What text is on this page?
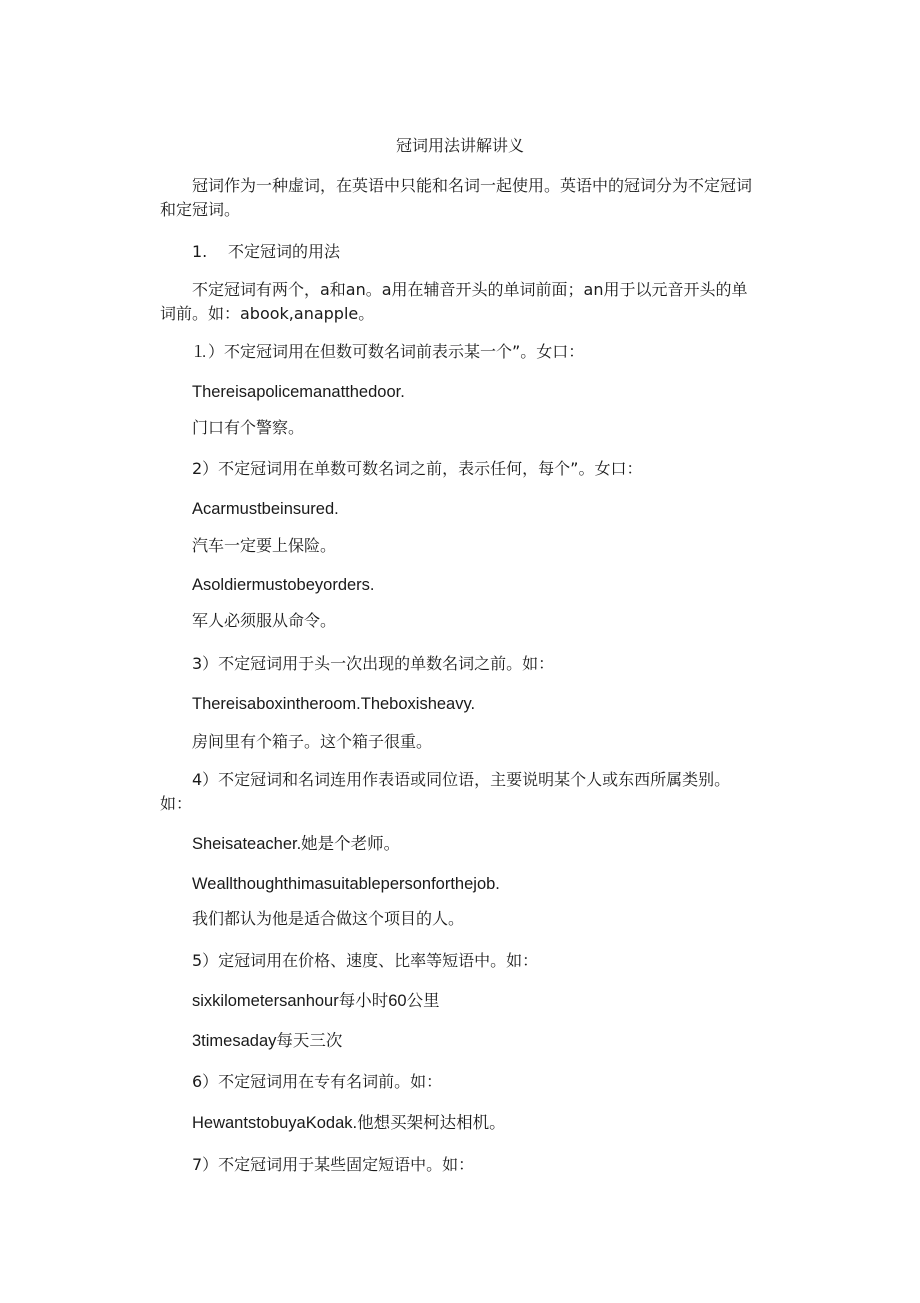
冠词用法讲解讲义
冠词作为一种虚词，在英语中只能和名词一起使用。英语中的冠词分为不定冠词和定冠词。
1. 不定冠词的用法
不定冠词有两个，a和an。a用在辅音开头的单词前面；an用于以元音开头的单词前。如：abook,anapple。
⒈）不定冠词用在但数可数名词前表示某一个”。女口：
Thereisapolicemanatthedoor.
门口有个警察。
2）不定冠词用在单数可数名词之前，表示任何，每个”。女口：
Acarmustbeinsured.
汽车一定要上保险。
Asoldiermustobeyorders.
军人必须服从命令。
3）不定冠词用于头一次出现的单数名词之前。如：
Thereisaboxintheroom.Theboxisheavy.
房间里有个箱子。这个箱子很重。
4）不定冠词和名词连用作表语或同位语，主要说明某个人或东西所属类别。如：
Sheisateacher.她是个老师。
Weallthoughthimasuitablepersonforthejob.
我们都认为他是适合做这个项目的人。
5）定冠词用在价格、速度、比率等短语中。如：
sixkilometersanhour每小时60公里
3timesaday每天三次
6）不定冠词用在专有名词前。如：
HewantstobuyaKodak.他想买架柯达相机。
7）不定冠词用于某些固定短语中。如：
